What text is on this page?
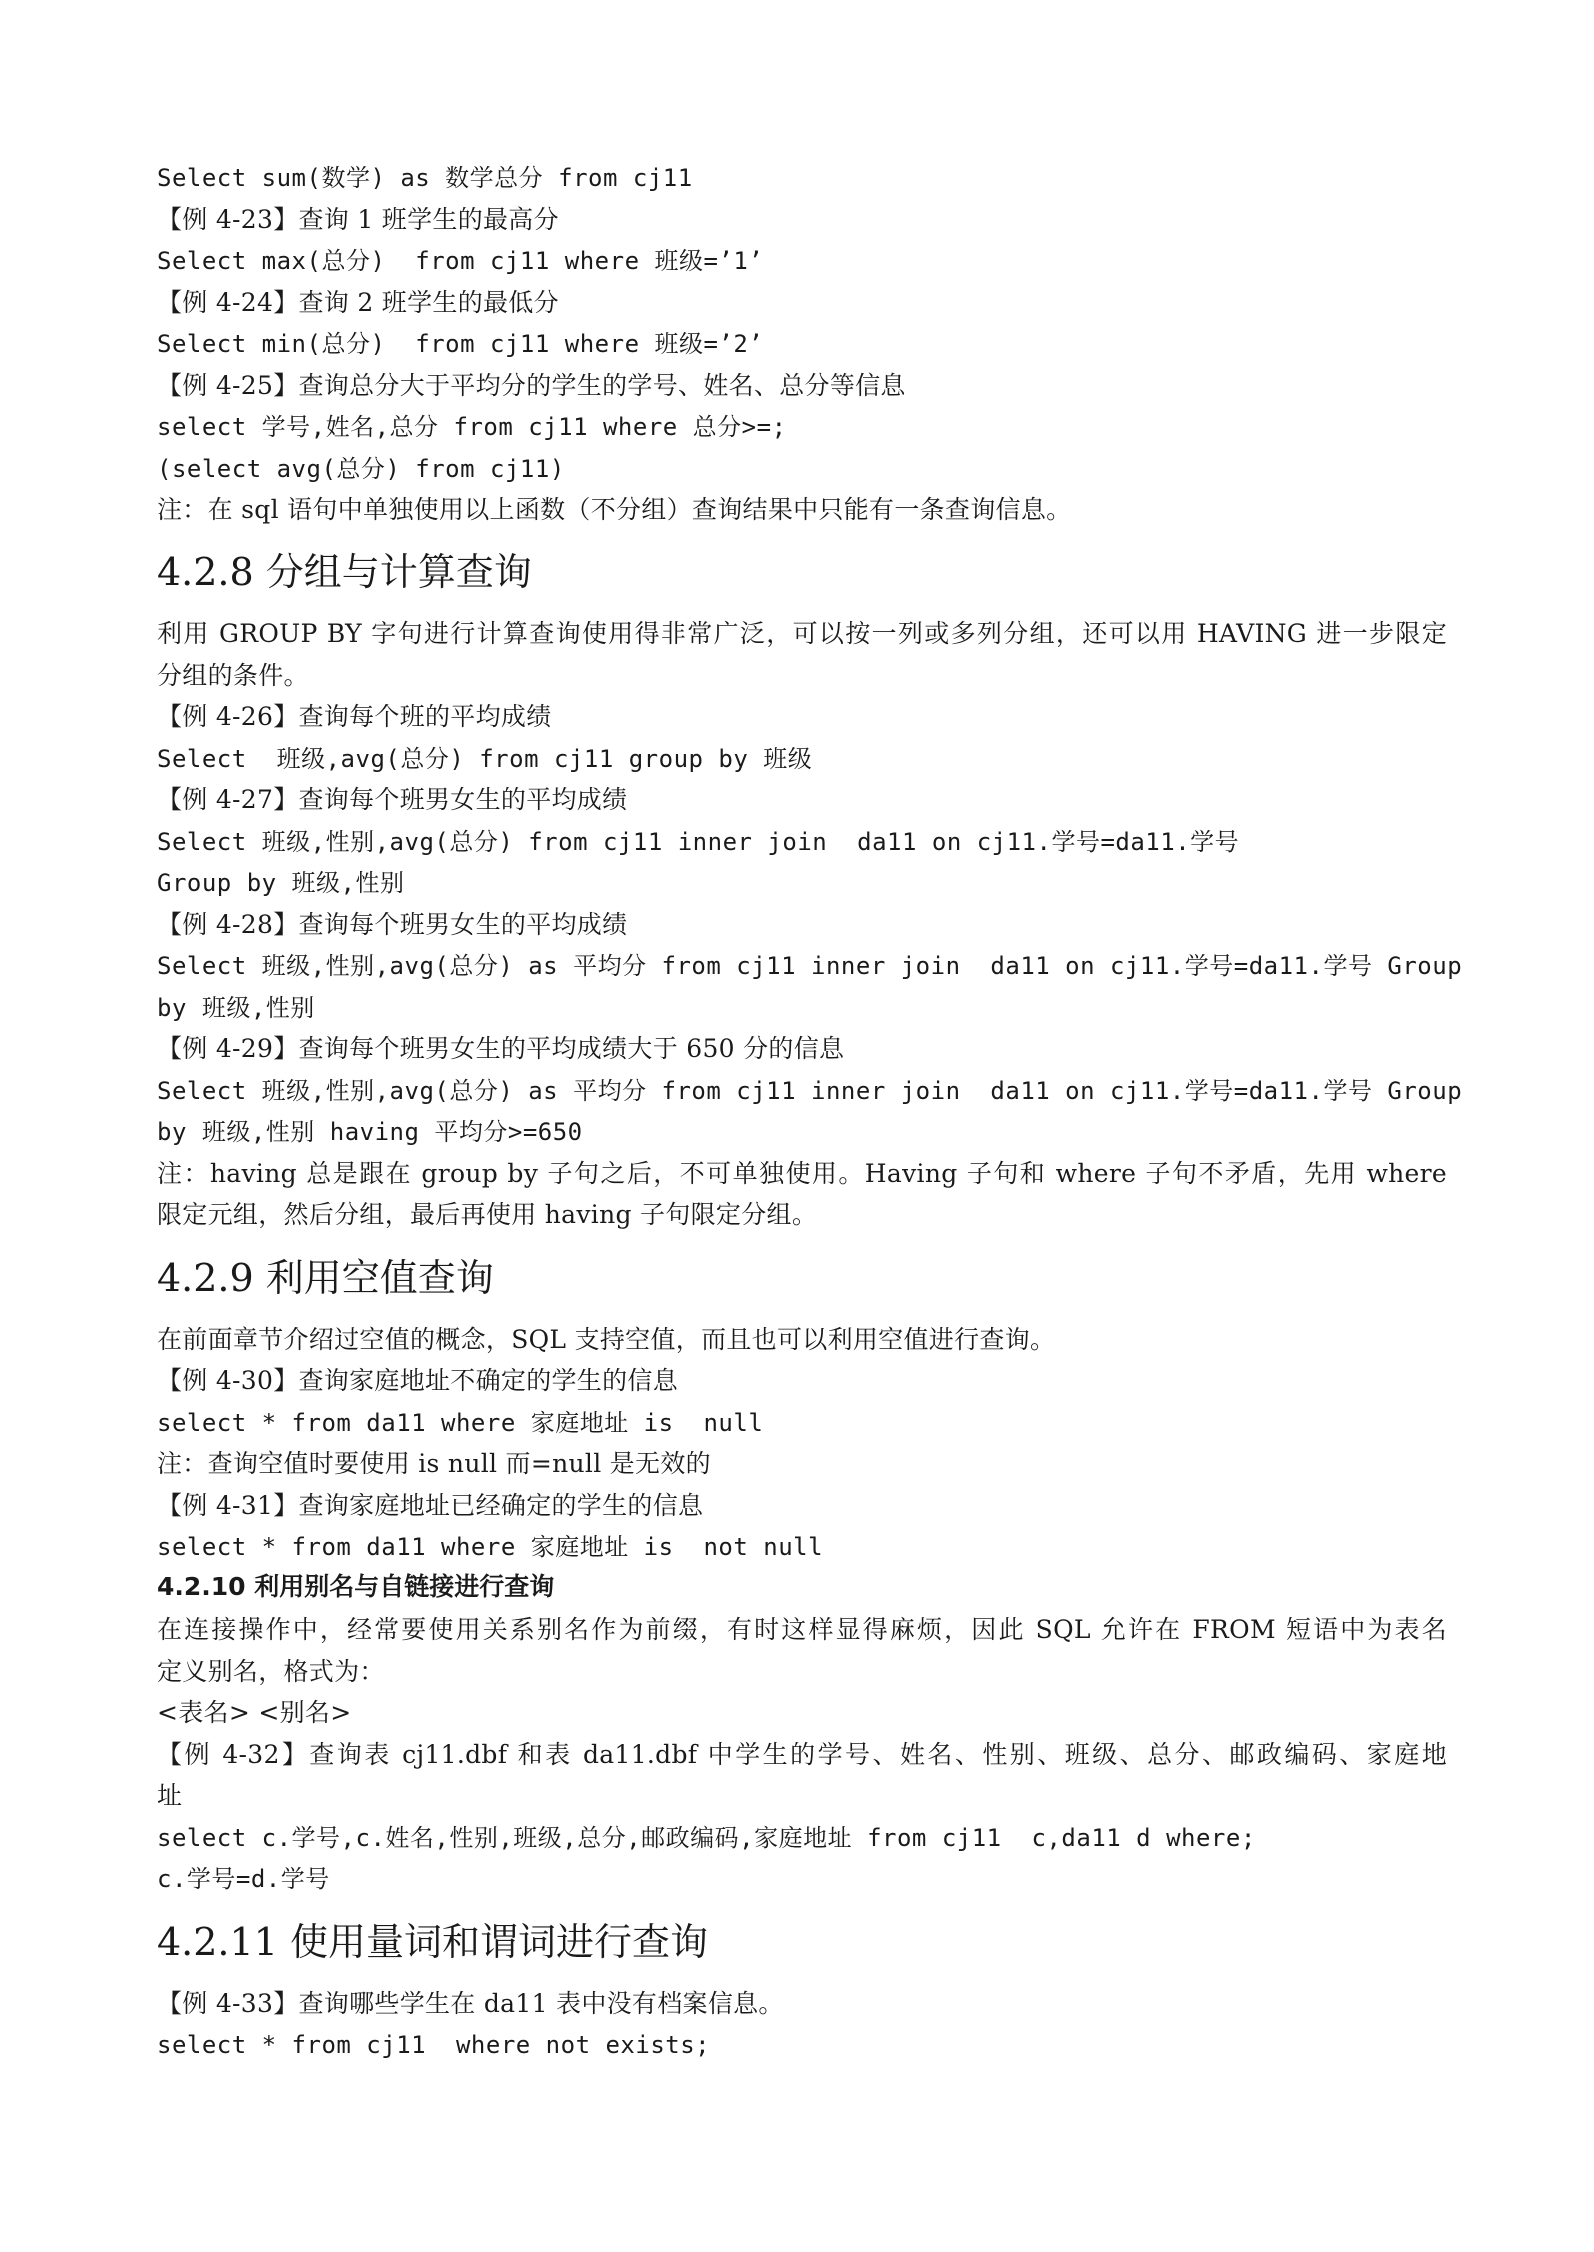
Select sum(数学) as 数学总分 from cj11
【例 4-23】查询 1 班学生的最高分
Select max(总分)  from cj11 where 班级=’1’
【例 4-24】查询 2 班学生的最低分
Select min(总分)  from cj11 where 班级=’2’
【例 4-25】查询总分大于平均分的学生的学号、姓名、总分等信息
select 学号,姓名,总分 from cj11 where 总分>=;
(select avg(总分) from cj11)
注：在 sql 语句中单独使用以上函数（不分组）查询结果中只能有一条查询信息。
4.2.8 分组与计算查询
利用 GROUP BY 字句进行计算查询使用得非常广泛，可以按一列或多列分组，还可以用 HAVING 进一步限定
分组的条件。
【例 4-26】查询每个班的平均成绩
Select  班级,avg(总分) from cj11 group by 班级
【例 4-27】查询每个班男女生的平均成绩
Select 班级,性别,avg(总分) from cj11 inner join  da11 on cj11.学号=da11.学号
Group by 班级,性别
【例 4-28】查询每个班男女生的平均成绩
Select 班级,性别,avg(总分) as 平均分 from cj11 inner join  da11 on cj11.学号=da11.学号 Group
by 班级,性别
【例 4-29】查询每个班男女生的平均成绩大于 650 分的信息
Select 班级,性别,avg(总分) as 平均分 from cj11 inner join  da11 on cj11.学号=da11.学号 Group
by 班级,性别 having 平均分>=650
注：having 总是跟在 group by 子句之后，不可单独使用。Having 子句和 where 子句不矛盾，先用 where
限定元组，然后分组，最后再使用 having 子句限定分组。
4.2.9 利用空值查询
在前面章节介绍过空值的概念，SQL 支持空值，而且也可以利用空值进行查询。
【例 4-30】查询家庭地址不确定的学生的信息
select * from da11 where 家庭地址 is  null
注：查询空值时要使用 is null 而=null 是无效的
【例 4-31】查询家庭地址已经确定的学生的信息
select * from da11 where 家庭地址 is  not null
4.2.10 利用别名与自链接进行查询
在连接操作中，经常要使用关系别名作为前缀，有时这样显得麻烦，因此 SQL 允许在 FROM 短语中为表名
定义别名，格式为：
<表名> <别名>
【例 4-32】查询表 cj11.dbf 和表 da11.dbf 中学生的学号、姓名、性别、班级、总分、邮政编码、家庭地
址
select c.学号,c.姓名,性别,班级,总分,邮政编码,家庭地址 from cj11  c,da11 d where;
c.学号=d.学号
4.2.11 使用量词和谓词进行查询
【例 4-33】查询哪些学生在 da11 表中没有档案信息。
select * from cj11  where not exists;
